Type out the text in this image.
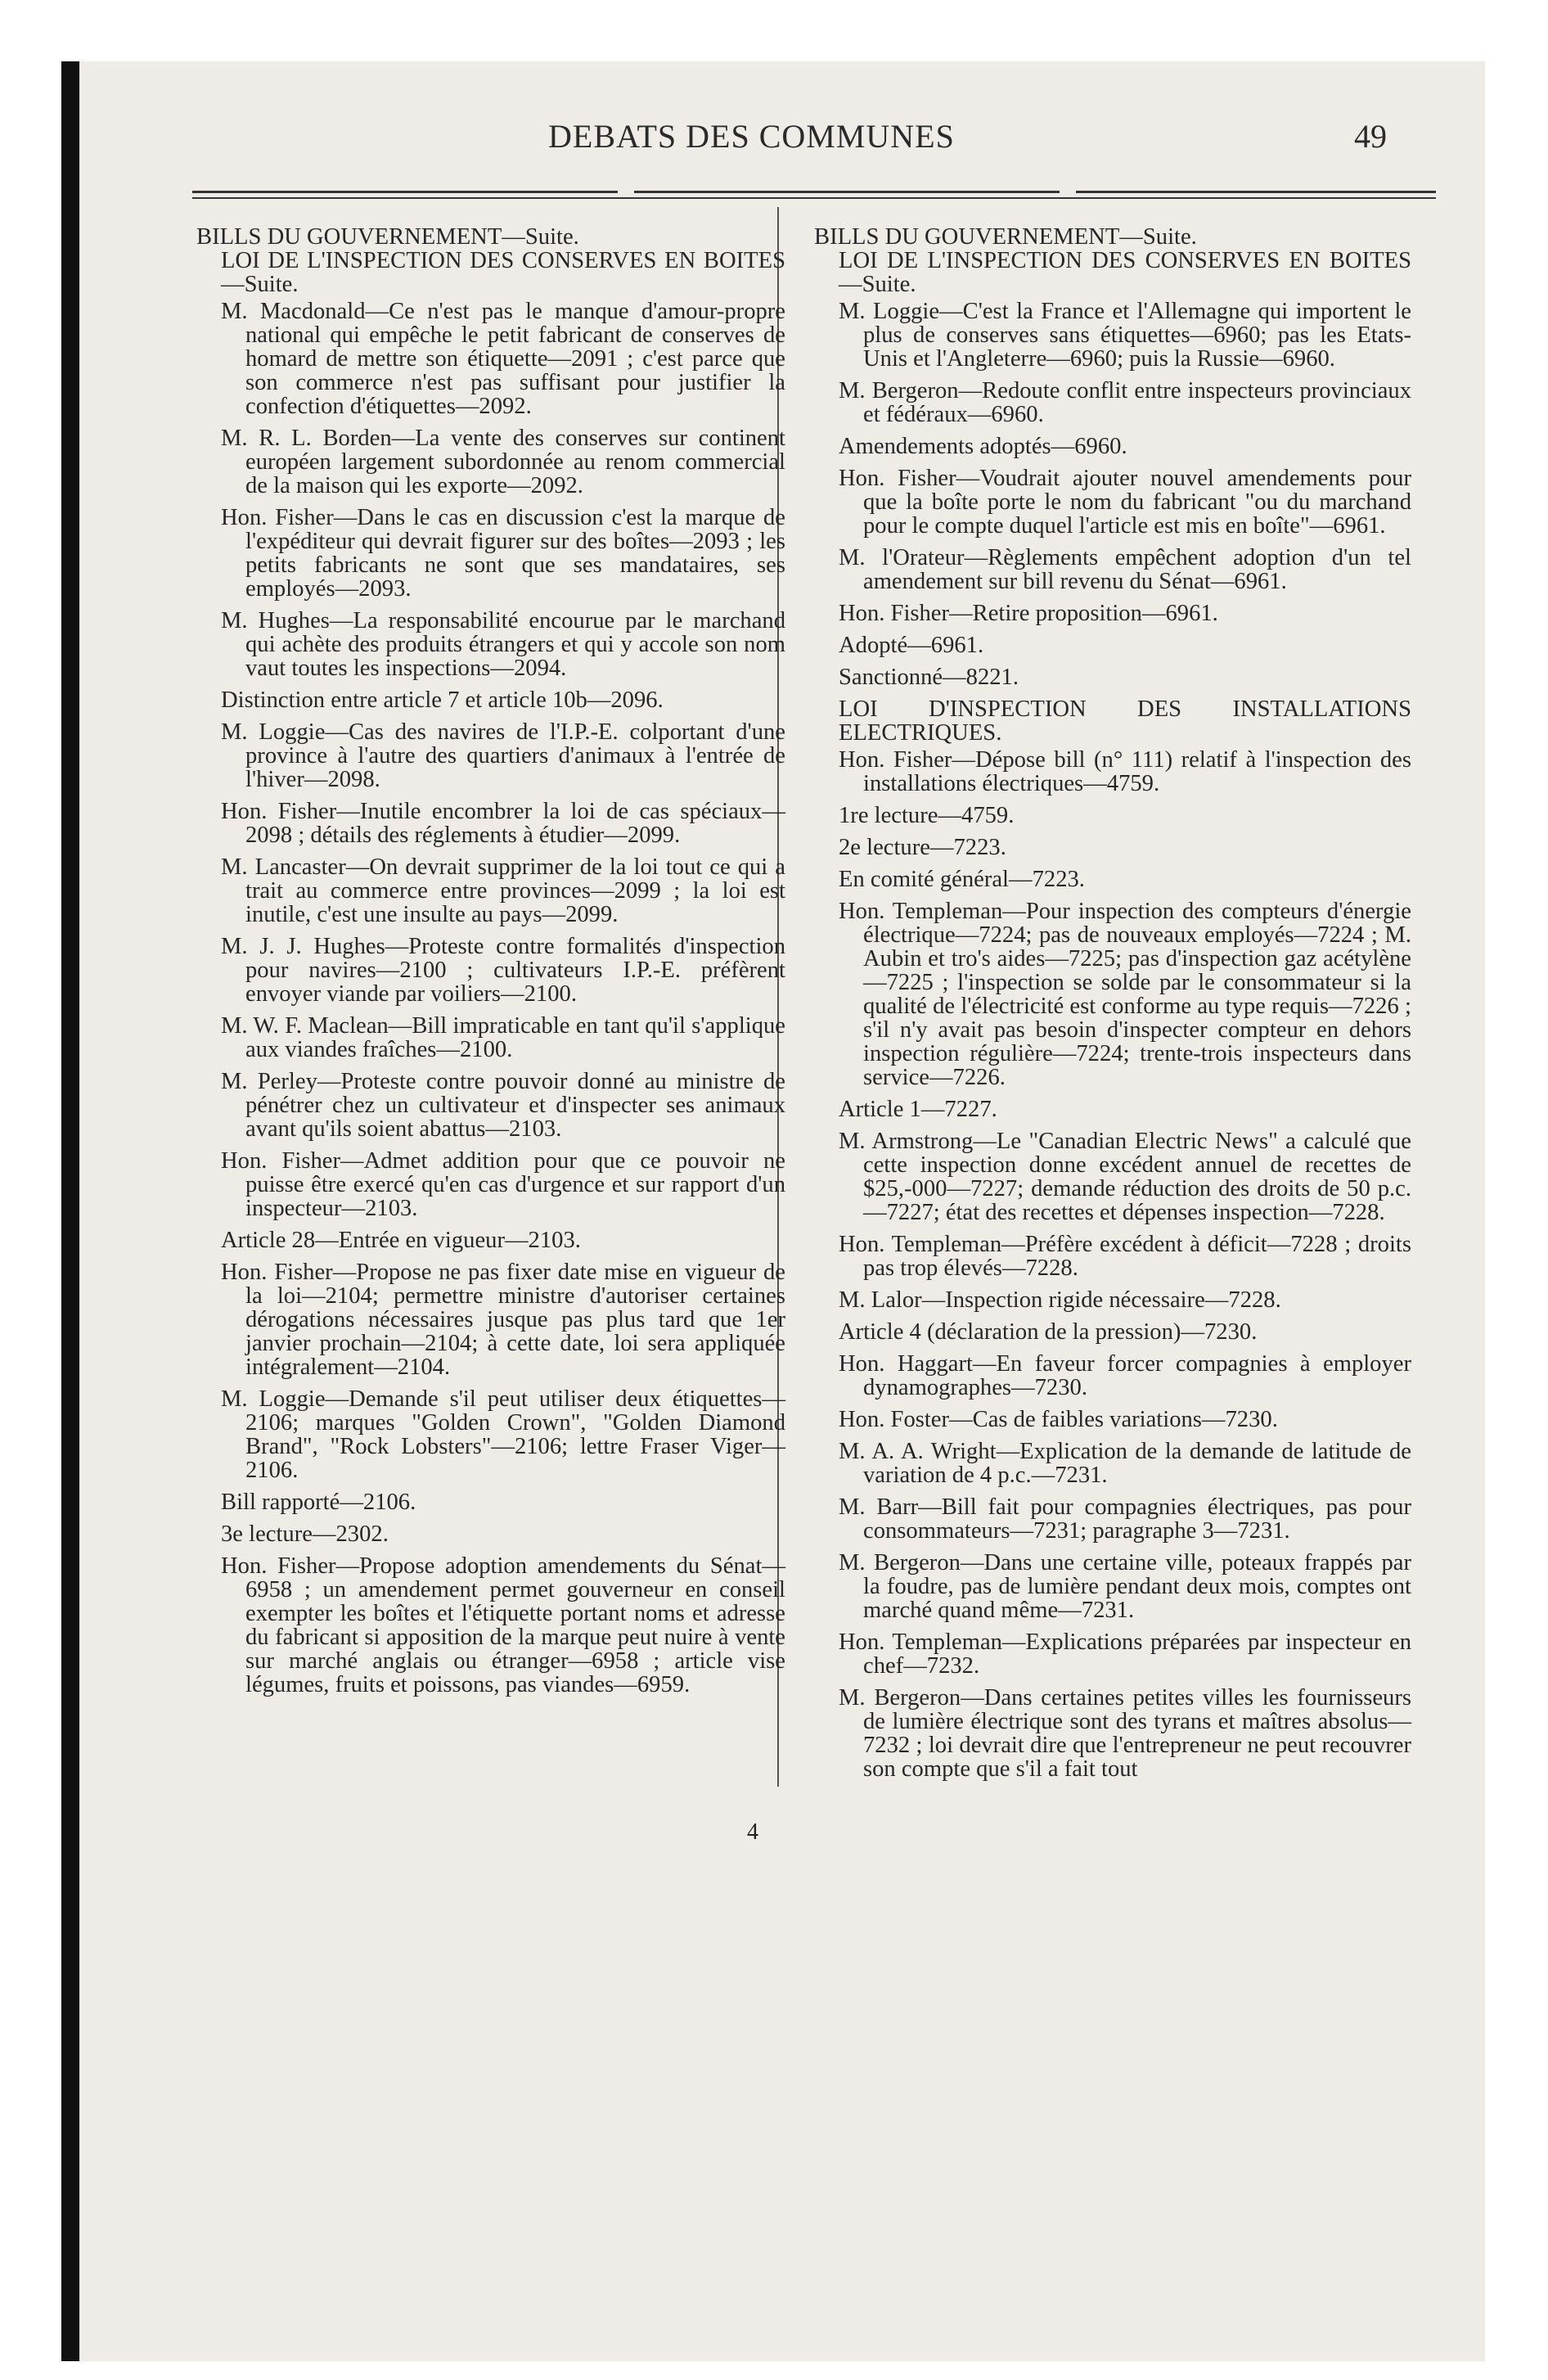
DEBATS DES COMMUNES	49

BILLS DU GOUVERNEMENT—Suite.

LOI DE L'INSPECTION DES CONSERVES EN BOITES—Suite.

M. Macdonald—Ce n'est pas le manque d'amour-propre national qui empêche le petit fabricant de conserves de homard de mettre son étiquette—2091 ; c'est parce que son commerce n'est pas suffisant pour justifier la confection d'étiquettes—2092.

M. R. L. Borden—La vente des conserves sur continent européen largement subordonnée au renom commercial de la maison qui les exporte—2092.

Hon. Fisher—Dans le cas en discussion c'est la marque de l'expéditeur qui devrait figurer sur des boîtes—2093 ; les petits fabricants ne sont que ses mandataires, ses employés—2093.

M. Hughes—La responsabilité encourue par le marchand qui achète des produits étrangers et qui y accole son nom vaut toutes les inspections—2094.

Distinction entre article 7 et article 10b—2096.

M. Loggie—Cas des navires de l'I.P.-E. colportant d'une province à l'autre des quartiers d'animaux à l'entrée de l'hiver—2098.

Hon. Fisher—Inutile encombrer la loi de cas spéciaux—2098 ; détails des réglements à étudier—2099.

M. Lancaster—On devrait supprimer de la loi tout ce qui a trait au commerce entre provinces—2099 ; la loi est inutile, c'est une insulte au pays—2099.

M. J. J. Hughes—Proteste contre formalités d'inspection pour navires—2100 ; cultivateurs I.P.-E. préfèrent envoyer viande par voiliers—2100.

M. W. F. Maclean—Bill impraticable en tant qu'il s'applique aux viandes fraîches—2100.

M. Perley—Proteste contre pouvoir donné au ministre de pénétrer chez un cultivateur et d'inspecter ses animaux avant qu'ils soient abattus—2103.

Hon. Fisher—Admet addition pour que ce pouvoir ne puisse être exercé qu'en cas d'urgence et sur rapport d'un inspecteur—2103.

Article 28—Entrée en vigueur—2103.

Hon. Fisher—Propose ne pas fixer date mise en vigueur de la loi—2104; permettre ministre d'autoriser certaines dérogations nécessaires jusque pas plus tard que 1er janvier prochain—2104; à cette date, loi sera appliquée intégralement—2104.

M. Loggie—Demande s'il peut utiliser deux étiquettes—2106; marques "Golden Crown", "Golden Diamond Brand", "Rock Lobsters"—2106; lettre Fraser Viger—2106.

Bill rapporté—2106.

3e lecture—2302.

Hon. Fisher—Propose adoption amendements du Sénat—6958 ; un amendement permet gouverneur en conseil exempter les boîtes et l'étiquette portant noms et adresse du fabricant si apposition de la marque peut nuire à vente sur marché anglais ou étranger—6958 ; article vise légumes, fruits et poissons, pas viandes—6959.

BILLS DU GOUVERNEMENT—Suite.

LOI DE L'INSPECTION DES CONSERVES EN BOITES—Suite.

M. Loggie—C'est la France et l'Allemagne qui importent le plus de conserves sans étiquettes—6960; pas les Etats-Unis et l'Angleterre—6960; puis la Russie—6960.

M. Bergeron—Redoute conflit entre inspecteurs provinciaux et fédéraux—6960.

Amendements adoptés—6960.

Hon. Fisher—Voudrait ajouter nouvel amendements pour que la boîte porte le nom du fabricant "ou du marchand pour le compte duquel l'article est mis en boîte"—6961.

M. l'Orateur—Règlements empêchent adoption d'un tel amendement sur bill revenu du Sénat—6961.

Hon. Fisher—Retire proposition—6961.

Adopté—6961.

Sanctionné—8221.

LOI D'INSPECTION DES INSTALLATIONS ELECTRIQUES.

Hon. Fisher—Dépose bill (n° 111) relatif à l'inspection des installations électriques—4759.

1re lecture—4759.

2e lecture—7223.

En comité général—7223.

Hon. Templeman—Pour inspection des compteurs d'énergie électrique—7224; pas de nouveaux employés—7224 ; M. Aubin et tro's aides—7225; pas d'inspection gaz acétylène—7225 ; l'inspection se solde par le consommateur si la qualité de l'électricité est conforme au type requis—7226 ; s'il n'y avait pas besoin d'inspecter compteur en dehors inspection régulière—7224; trente-trois inspecteurs dans service—7226.

Article 1—7227.

M. Armstrong—Le "Canadian Electric News" a calculé que cette inspection donne excédent annuel de recettes de $25,-000—7227; demande réduction des droits de 50 p.c.—7227; état des recettes et dépenses inspection—7228.

Hon. Templeman—Préfère excédent à déficit—7228 ; droits pas trop élevés—7228.

M. Lalor—Inspection rigide nécessaire—7228.

Article 4 (déclaration de la pression)—7230.

Hon. Haggart—En faveur forcer compagnies à employer dynamographes—7230.

Hon. Foster—Cas de faibles variations—7230.

M. A. A. Wright—Explication de la demande de latitude de variation de 4 p.c.—7231.

M. Barr—Bill fait pour compagnies électriques, pas pour consommateurs—7231; paragraphe 3—7231.

M. Bergeron—Dans une certaine ville, poteaux frappés par la foudre, pas de lumière pendant deux mois, comptes ont marché quand même—7231.

Hon. Templeman—Explications préparées par inspecteur en chef—7232.

M. Bergeron—Dans certaines petites villes les fournisseurs de lumière électrique sont des tyrans et maîtres absolus—7232 ; loi devrait dire que l'entrepreneur ne peut recouvrer son compte que s'il a fait tout

4
